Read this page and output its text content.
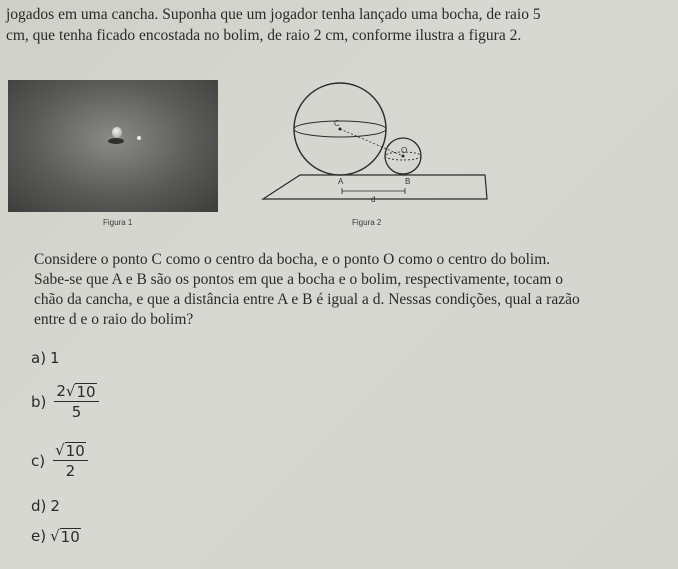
jogados em uma cancha. Suponha que um jogador tenha lançado uma bocha, de raio 5
cm, que tenha ficado encostada no bolim, de raio 2 cm, conforme ilustra a figura 2.
Figura 1
C
O
A	B
d
Figura 2
Considere o ponto C como o centro da bocha, e o ponto O como o centro do bolim.
Sabe-se que A e B são os pontos em que a bocha e o bolim, respectivamente, tocam o
chão da cancha, e que a distância entre A e B é igual a d. Nessas condições, qual a razão
entre d e o raio do bolim?
a) 1
$b) \frac{2 √ 10}{5}$
$c) \frac{√ 10}{2}$
d) 2
e) √ 10
